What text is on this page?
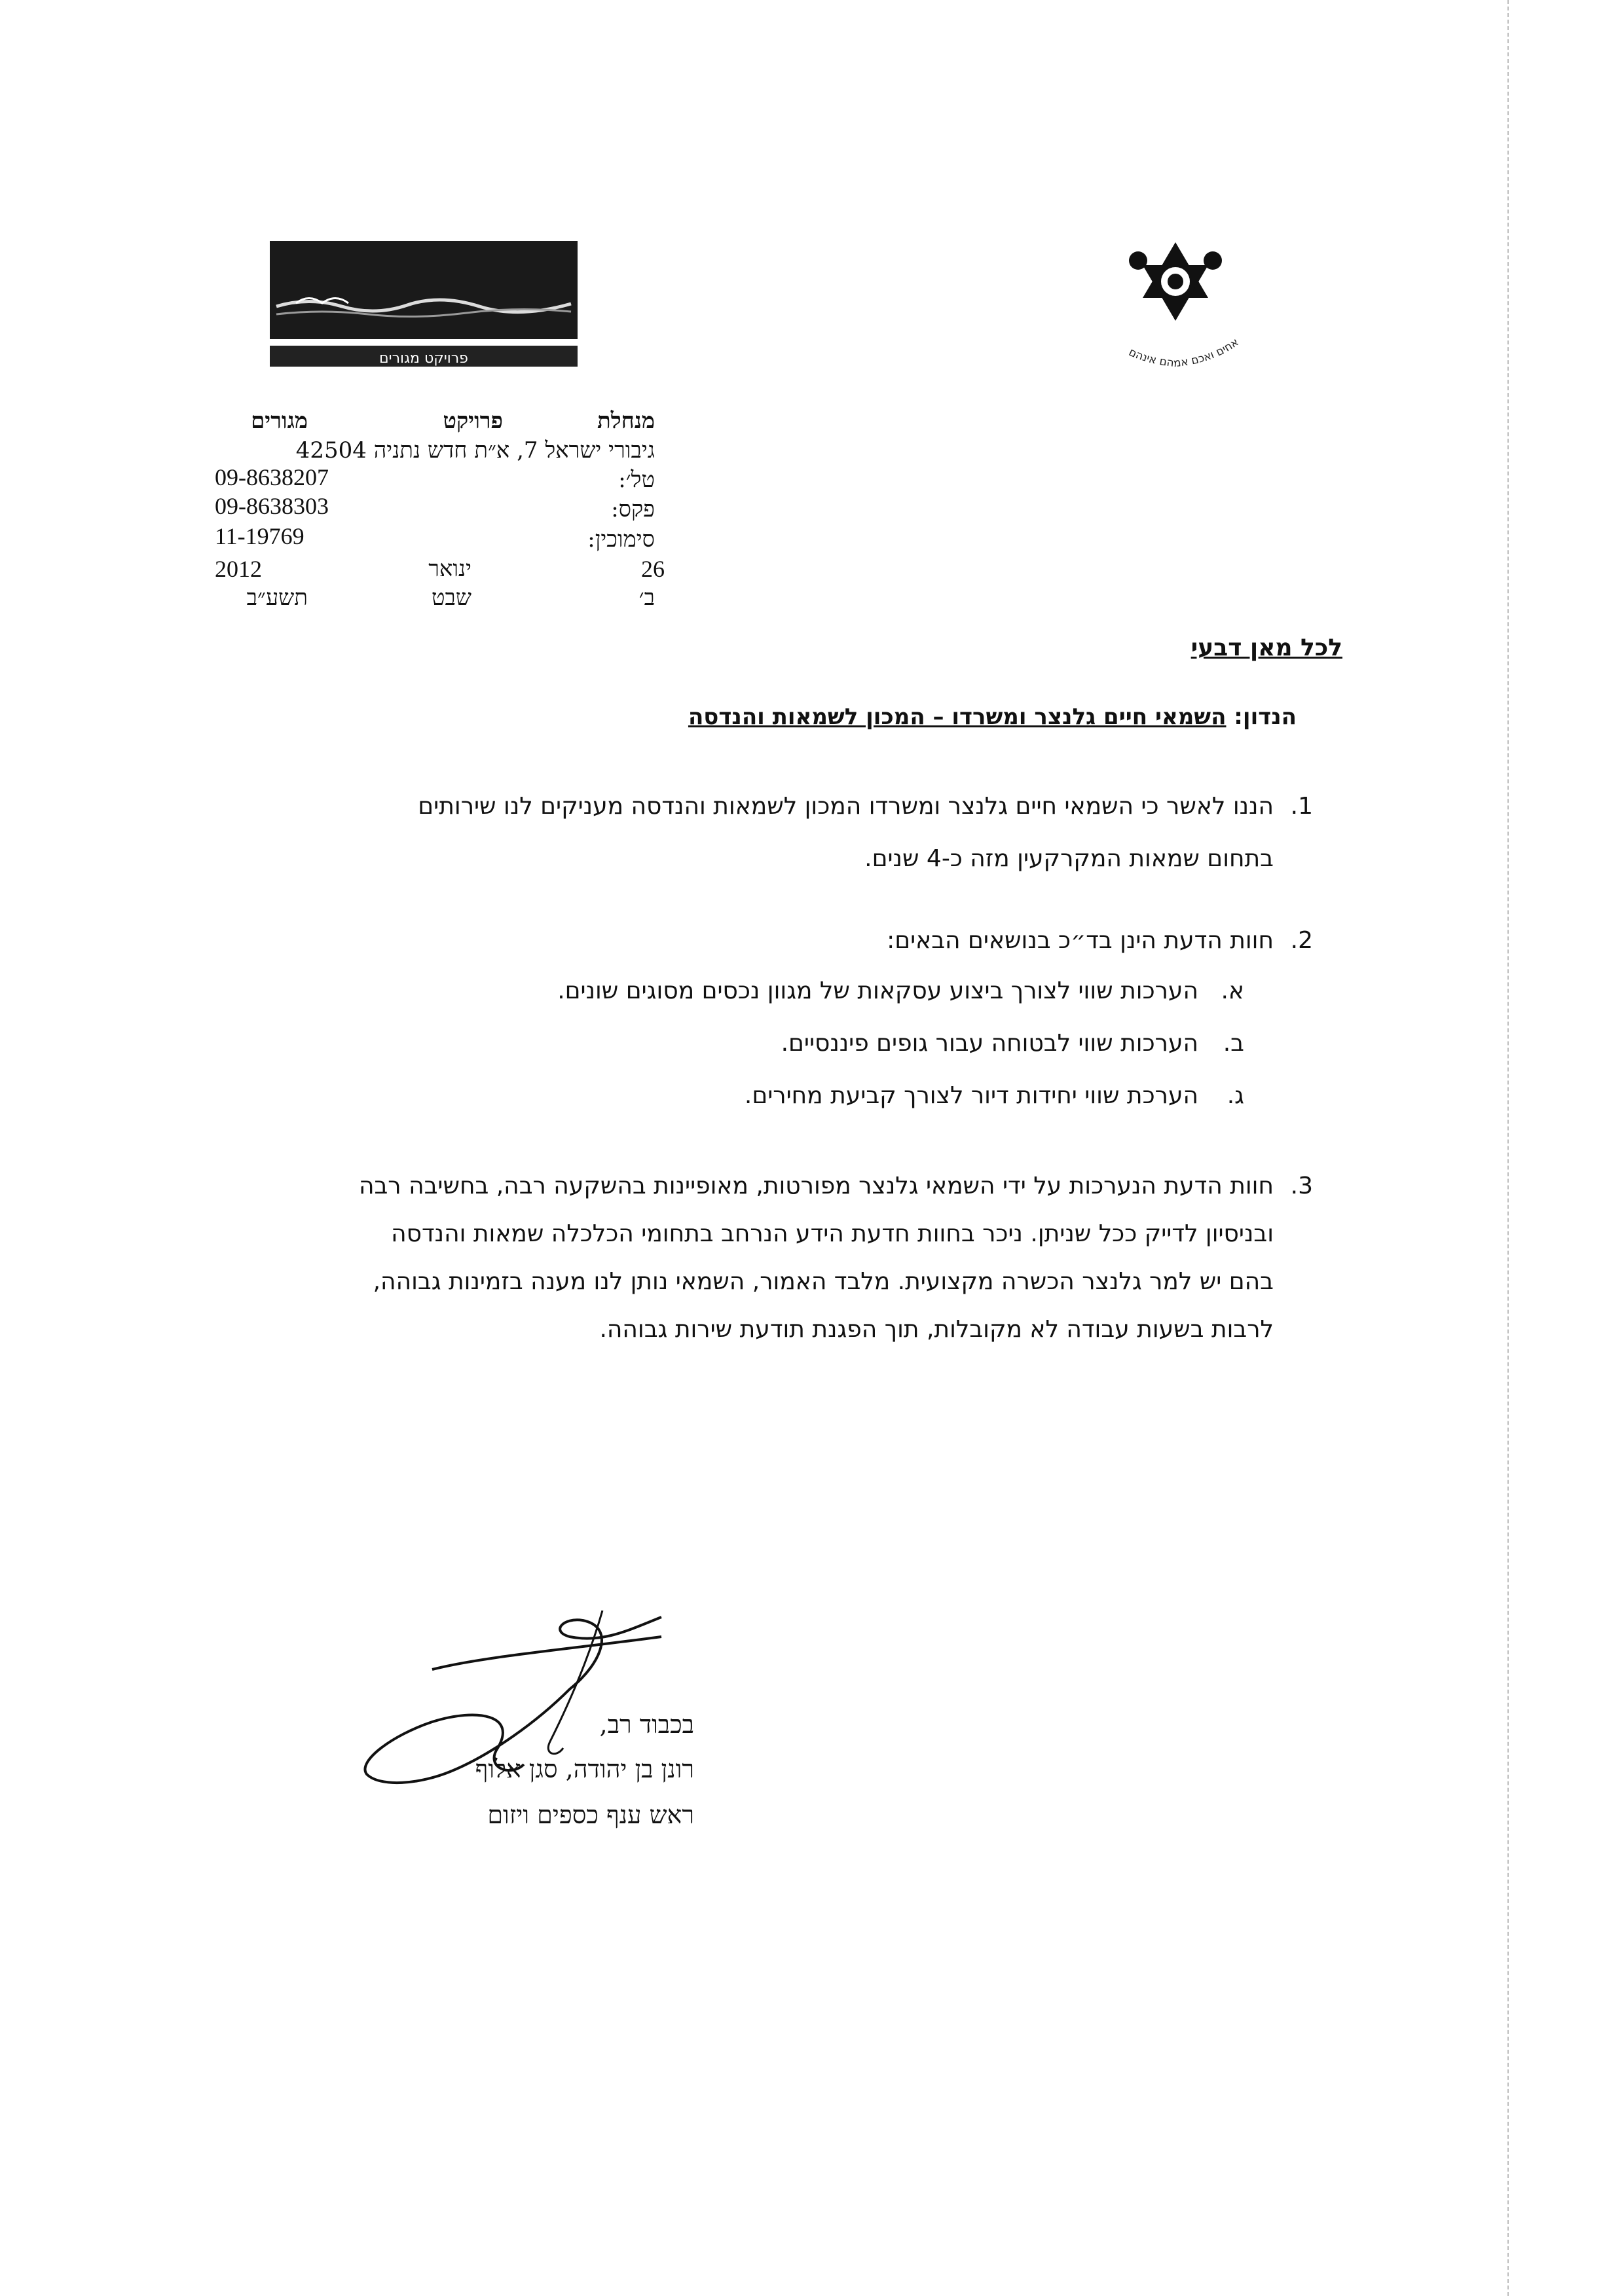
פרויקט מגורים	אחים ואכם אמהם אינהם
מנחלת
פרויקט
מגורים
גיבורי ישראל 7, א״ת חדש נתניה 42504
טל׳:
09-8638207
פקס:
09-8638303
סימוכין:
11-19769
26
ינואר
2012
ב׳
שבט
תשע״ב
לכל מאן דבעי
הנדון: השמאי חיים גלנצר ומשרדו – המכון לשמאות והנדסה
1.
הננו לאשר כי השמאי חיים גלנצר ומשרדו המכון לשמאות והנדסה מעניקים לנו שירותים
בתחום שמאות המקרקעין מזה כ-4 שנים.
2.
חוות הדעת הינן בד״כ בנושאים הבאים:
א.
הערכות שווי לצורך ביצוע עסקאות של מגוון נכסים מסוגים שונים.
ב.
הערכות שווי לבטוחה עבור גופים פיננסיים.
ג.
הערכת שווי יחידות דיור לצורך קביעת מחירים.
3.
חוות הדעת הנערכות על ידי השמאי גלנצר מפורטות, מאופיינות בהשקעה רבה, בחשיבה רבה
ובניסיון לדייק ככל שניתן. ניכר בחוות חדעת הידע הנרחב בתחומי הכלכלה שמאות והנדסה
בהם יש למר גלנצר הכשרה מקצועית. מלבד האמור, השמאי נותן לנו מענה בזמינות גבוהה,
לרבות בשעות עבודה לא מקובלות, תוך הפגנת תודעת שירות גבוהה.
בכבוד רב,
רונן בן יהודה, סגן אלוף
ראש ענף כספים ויזום
